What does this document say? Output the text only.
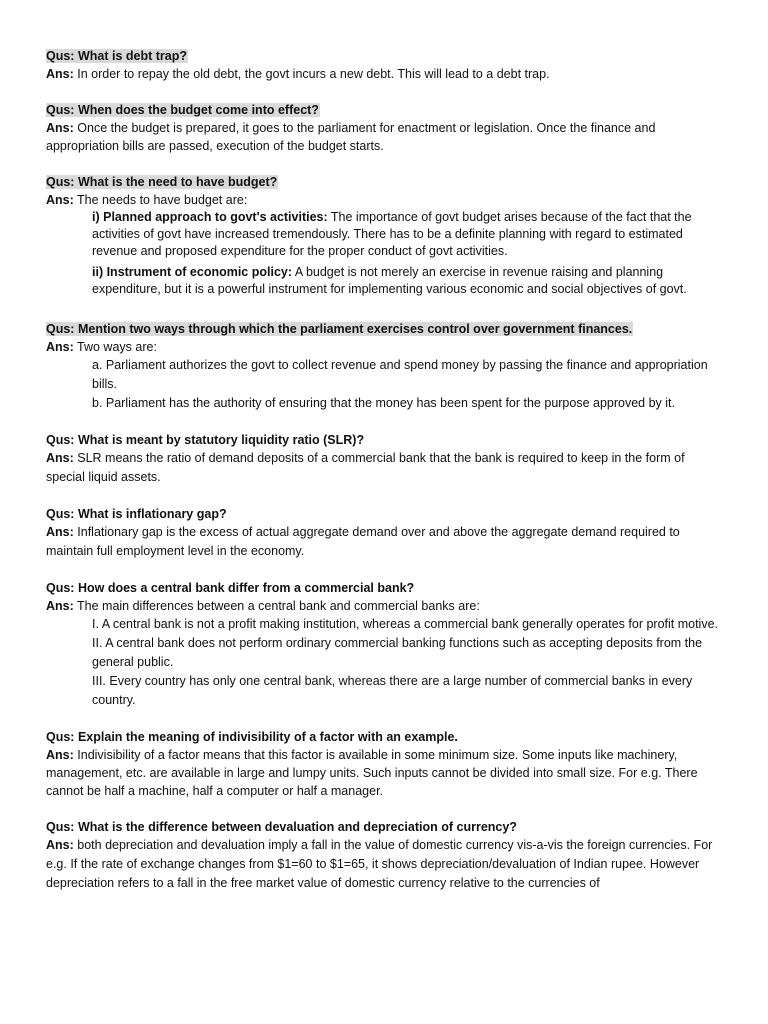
Qus: What is debt trap?
Ans: In order to repay the old debt, the govt incurs a new debt. This will lead to a debt trap.
Qus: When does the budget come into effect?
Ans: Once the budget is prepared, it goes to the parliament for enactment or legislation. Once the finance and appropriation bills are passed, execution of the budget starts.
Qus: What is the need to have budget?
Ans: The needs to have budget are:
i) Planned approach to govt's activities: The importance of govt budget arises because of the fact that the activities of govt have increased tremendously. There has to be a definite planning with regard to estimated revenue and proposed expenditure for the proper conduct of govt activities.
ii) Instrument of economic policy: A budget is not merely an exercise in revenue raising and planning expenditure, but it is a powerful instrument for implementing various economic and social objectives of govt.
Qus: Mention two ways through which the parliament exercises control over government finances.
Ans: Two ways are:
a. Parliament authorizes the govt to collect revenue and spend money by passing the finance and appropriation bills.
b. Parliament has the authority of ensuring that the money has been spent for the purpose approved by it.
Qus: What is meant by statutory liquidity ratio (SLR)?
Ans: SLR means the ratio of demand deposits of a commercial bank that the bank is required to keep in the form of special liquid assets.
Qus: What is inflationary gap?
Ans: Inflationary gap is the excess of actual aggregate demand over and above the aggregate demand required to maintain full employment level in the economy.
Qus: How does a central bank differ from a commercial bank?
Ans: The main differences between a central bank and commercial banks are:
I. A central bank is not a profit making institution, whereas a commercial bank generally operates for profit motive.
II. A central bank does not perform ordinary commercial banking functions such as accepting deposits from the general public.
III. Every country has only one central bank, whereas there are a large number of commercial banks in every country.
Qus: Explain the meaning of indivisibility of a factor with an example.
Ans: Indivisibility of a factor means that this factor is available in some minimum size. Some inputs like machinery, management, etc. are available in large and lumpy units. Such inputs cannot be divided into small size. For e.g. There cannot be half a machine, half a computer or half a manager.
Qus: What is the difference between devaluation and depreciation of currency?
Ans: both depreciation and devaluation imply a fall in the value of domestic currency vis-a-vis the foreign currencies. For e.g. If the rate of exchange changes from $1=60 to $1=65, it shows depreciation/devaluation of Indian rupee. However depreciation refers to a fall in the free market value of domestic currency relative to the currencies of
